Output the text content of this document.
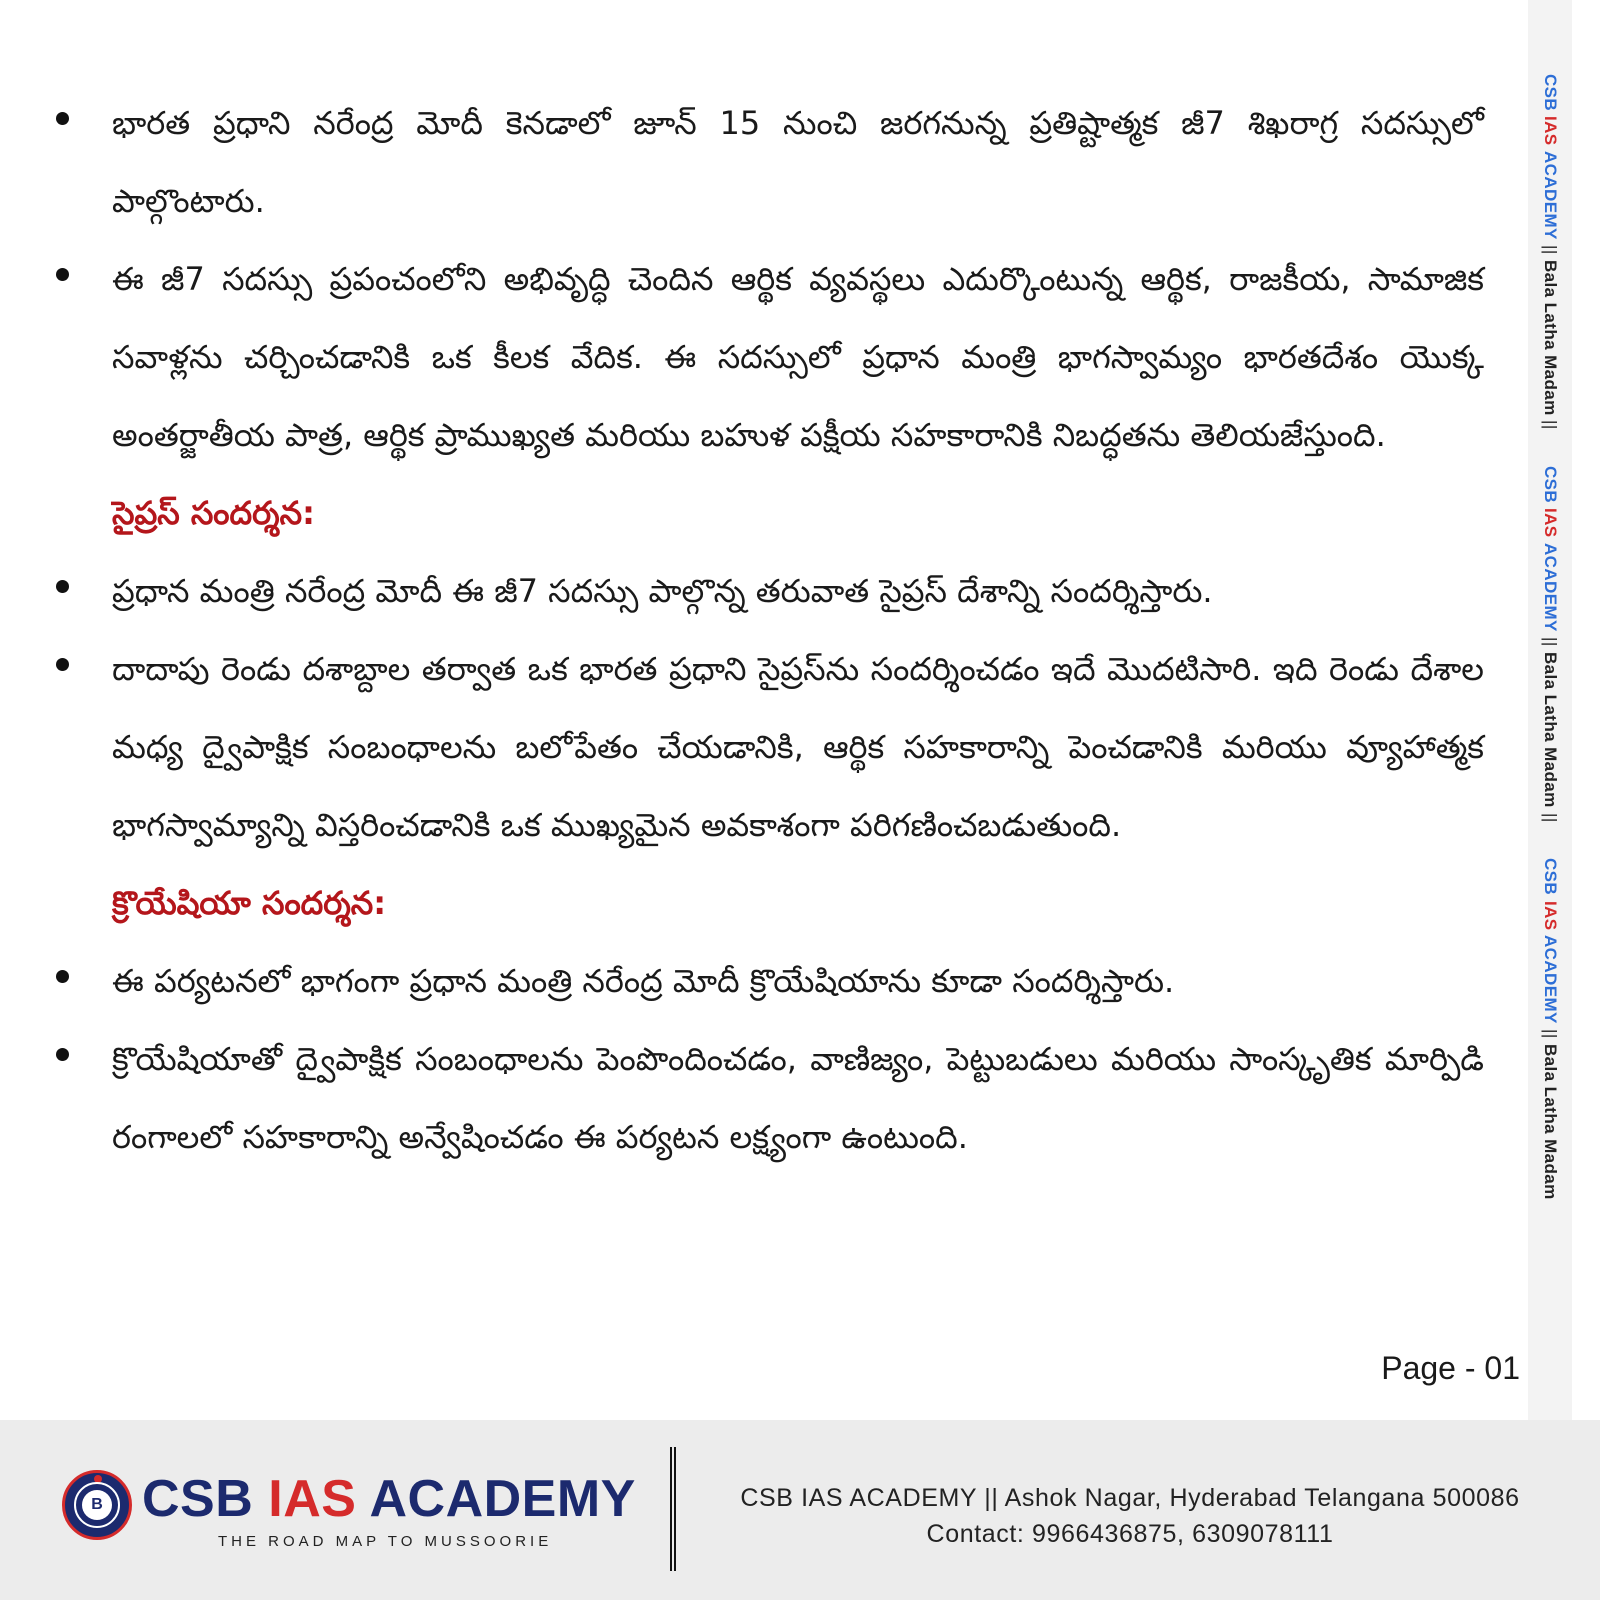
CSB IAS ACADEMY || Bala Latha Madam ||  CSB IAS ACADEMY || Bala Latha Madam ||  CSB IAS ACADEMY || Bala Latha Madam

భారత ప్రధాని నరేంద్ర మోదీ కెనడాలో జూన్ 15 నుంచి జరగనున్న ప్రతిష్టాత్మక జీ7 శిఖరాగ్ర సదస్సులో పాల్గొంటారు.

ఈ జీ7 సదస్సు ప్రపంచంలోని అభివృద్ధి చెందిన ఆర్థిక వ్యవస్థలు ఎదుర్కొంటున్న ఆర్థిక, రాజకీయ, సామాజిక సవాళ్లను చర్చించడానికి ఒక కీలక వేదిక. ఈ సదస్సులో ప్రధాన మంత్రి భాగస్వామ్యం భారతదేశం యొక్క అంతర్జాతీయ పాత్ర, ఆర్థిక ప్రాముఖ్యత మరియు బహుళ పక్షీయ సహకారానికి నిబద్ధతను తెలియజేస్తుంది.

సైప్రస్ సందర్శన:

ప్రధాన మంత్రి నరేంద్ర మోదీ ఈ జీ7 సదస్సు పాల్గొన్న తరువాత సైప్రస్ దేశాన్ని సందర్శిస్తారు.

దాదాపు రెండు దశాబ్దాల తర్వాత ఒక భారత ప్రధాని సైప్రస్‌ను సందర్శించడం ఇదే మొదటిసారి. ఇది రెండు దేశాల మధ్య ద్వైపాక్షిక సంబంధాలను బలోపేతం చేయడానికి, ఆర్థిక సహకారాన్ని పెంచడానికి మరియు వ్యూహాత్మక భాగస్వామ్యాన్ని విస్తరించడానికి ఒక ముఖ్యమైన అవకాశంగా పరిగణించబడుతుంది.

క్రొయేషియా సందర్శన:

ఈ పర్యటనలో భాగంగా ప్రధాన మంత్రి నరేంద్ర మోదీ క్రొయేషియాను కూడా సందర్శిస్తారు.

క్రొయేషియాతో ద్వైపాక్షిక సంబంధాలను పెంపొందించడం, వాణిజ్యం, పెట్టుబడులు మరియు సాంస్కృతిక మార్పిడి రంగాలలో సహకారాన్ని అన్వేషించడం ఈ పర్యటన లక్ష్యంగా ఉంటుంది.

Page - 01
B CSB IAS ACADEMY
THE ROAD MAP TO MUSSOORIE
CSB IAS ACADEMY || Ashok Nagar, Hyderabad Telangana 500086
Contact: 9966436875, 6309078111
